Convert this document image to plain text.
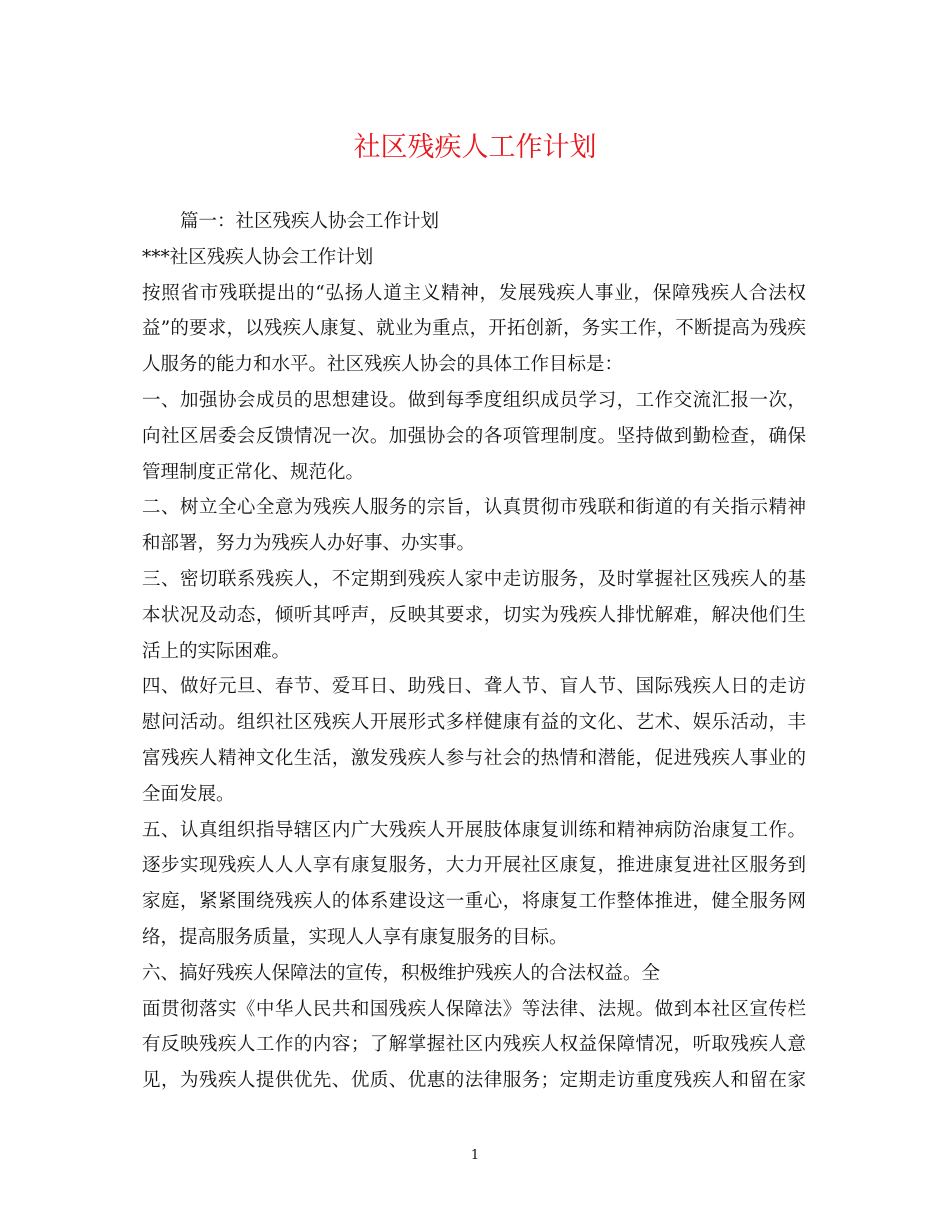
社区残疾人工作计划
篇一：社区残疾人协会工作计划
***社区残疾人协会工作计划
按照省市残联提出的“弘扬人道主义精神，发展残疾人事业，保障残疾人合法权
益”的要求，以残疾人康复、就业为重点，开拓创新，务实工作，不断提高为残疾
人服务的能力和水平。社区残疾人协会的具体工作目标是：
一、加强协会成员的思想建设。做到每季度组织成员学习，工作交流汇报一次，
向社区居委会反馈情况一次。加强协会的各项管理制度。坚持做到勤检查，确保
管理制度正常化、规范化。
二、树立全心全意为残疾人服务的宗旨，认真贯彻市残联和街道的有关指示精神
和部署，努力为残疾人办好事、办实事。
三、密切联系残疾人，不定期到残疾人家中走访服务，及时掌握社区残疾人的基
本状况及动态，倾听其呼声，反映其要求，切实为残疾人排忧解难，解决他们生
活上的实际困难。
四、做好元旦、春节、爱耳日、助残日、聋人节、盲人节、国际残疾人日的走访
慰问活动。组织社区残疾人开展形式多样健康有益的文化、艺术、娱乐活动，丰
富残疾人精神文化生活，激发残疾人参与社会的热情和潜能，促进残疾人事业的
全面发展。
五、认真组织指导辖区内广大残疾人开展肢体康复训练和精神病防治康复工作。
逐步实现残疾人人人享有康复服务，大力开展社区康复，推进康复进社区服务到
家庭，紧紧围绕残疾人的体系建设这一重心，将康复工作整体推进，健全服务网
络，提高服务质量，实现人人享有康复服务的目标。
六、搞好残疾人保障法的宣传，积极维护残疾人的合法权益。全
面贯彻落实《中华人民共和国残疾人保障法》等法律、法规。做到本社区宣传栏
有反映残疾人工作的内容；了解掌握社区内残疾人权益保障情况，听取残疾人意
见，为残疾人提供优先、优质、优惠的法律服务；定期走访重度残疾人和留在家
1
